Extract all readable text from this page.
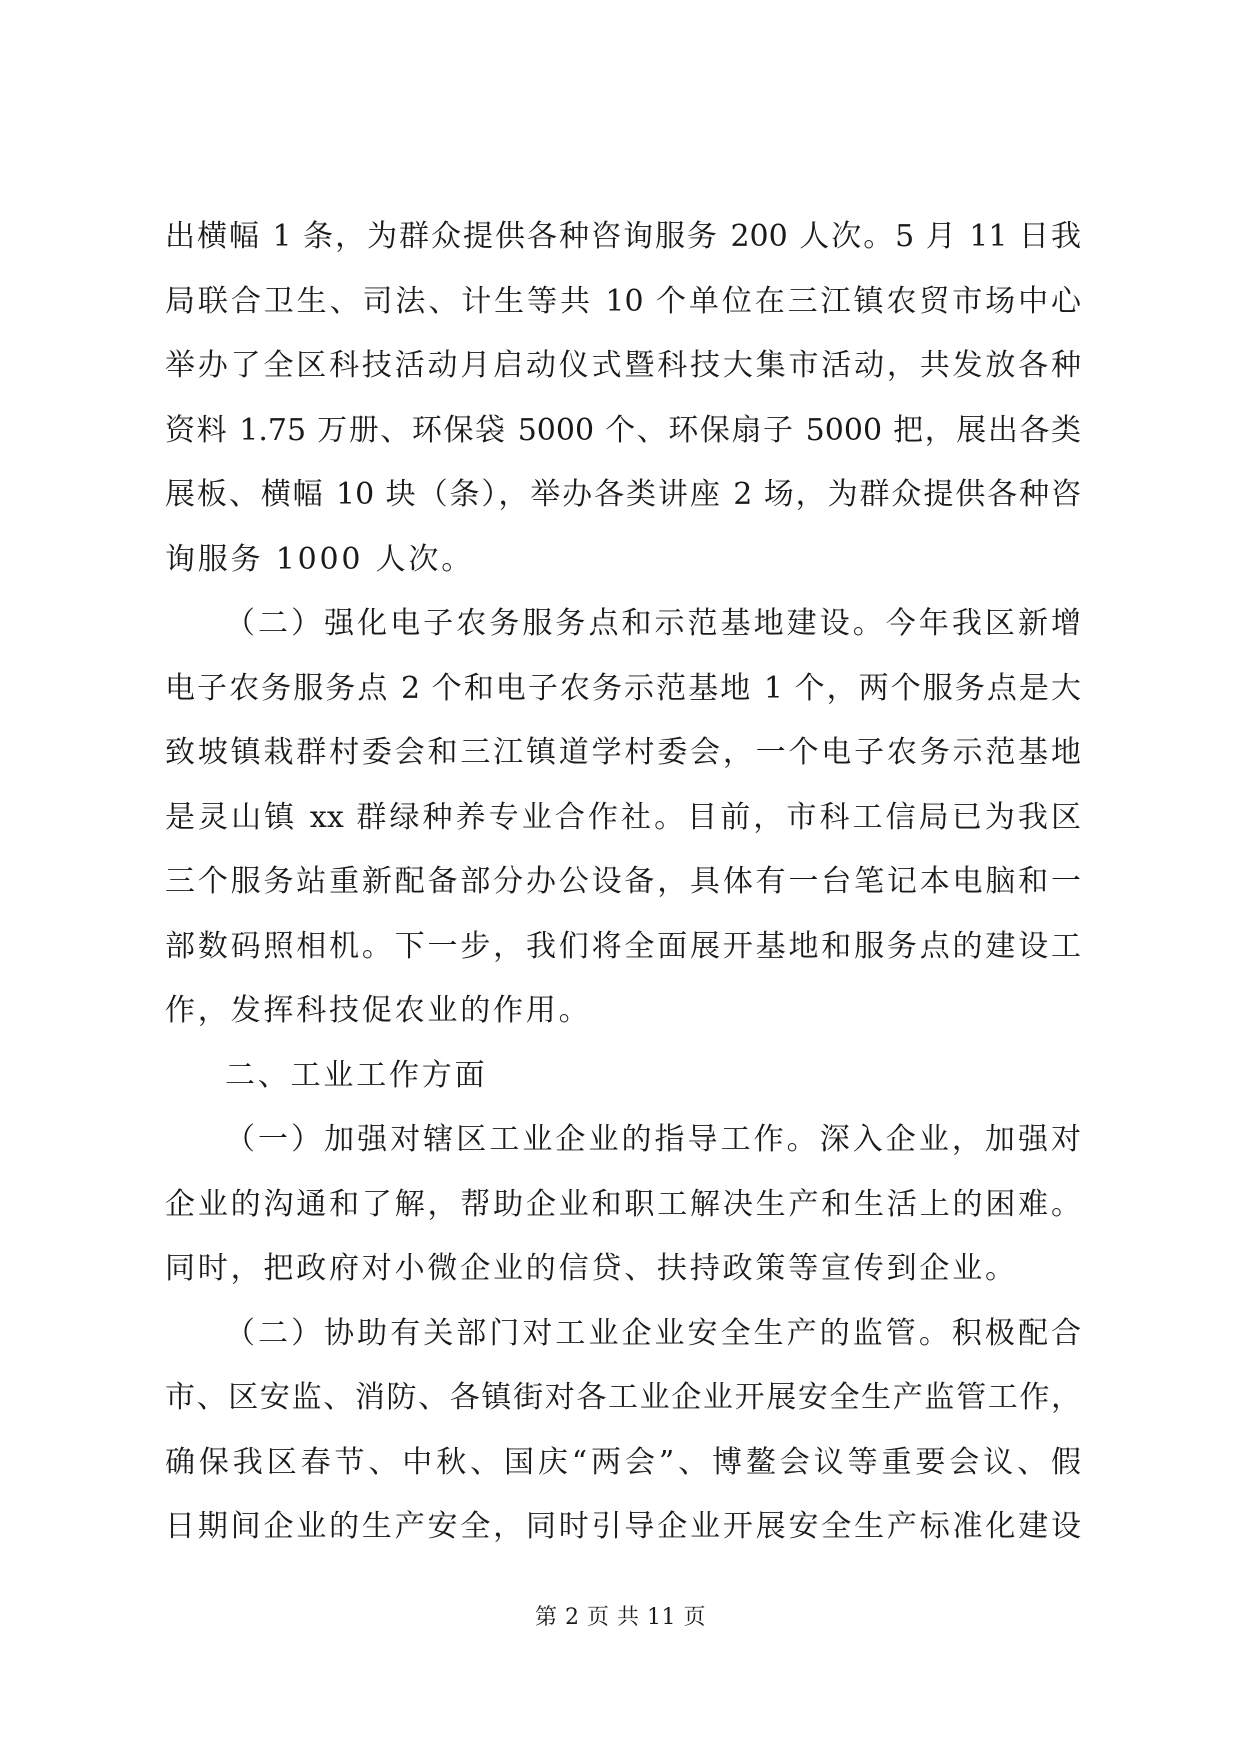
出横幅 1 条，为群众提供各种咨询服务 200 人次。5 月 11 日我
局联合卫生、司法、计生等共 10 个单位在三江镇农贸市场中心
举办了全区科技活动月启动仪式暨科技大集市活动，共发放各种
资料 1.75 万册、环保袋 5000 个、环保扇子 5000 把，展出各类
展板、横幅 10 块（条），举办各类讲座 2 场，为群众提供各种咨
询服务 1000 人次。
（二）强化电子农务服务点和示范基地建设。今年我区新增
电子农务服务点 2 个和电子农务示范基地 1 个，两个服务点是大
致坡镇栽群村委会和三江镇道学村委会，一个电子农务示范基地
是灵山镇 xx 群绿种养专业合作社。目前，市科工信局已为我区
三个服务站重新配备部分办公设备，具体有一台笔记本电脑和一
部数码照相机。下一步，我们将全面展开基地和服务点的建设工
作，发挥科技促农业的作用。
二、工业工作方面
（一）加强对辖区工业企业的指导工作。深入企业，加强对
企业的沟通和了解，帮助企业和职工解决生产和生活上的困难。
同时，把政府对小微企业的信贷、扶持政策等宣传到企业。
（二）协助有关部门对工业企业安全生产的监管。积极配合
市、区安监、消防、各镇街对各工业企业开展安全生产监管工作，
确保我区春节、中秋、国庆“两会”、博鳌会议等重要会议、假
日期间企业的生产安全，同时引导企业开展安全生产标准化建设
第 2 页 共 11 页
